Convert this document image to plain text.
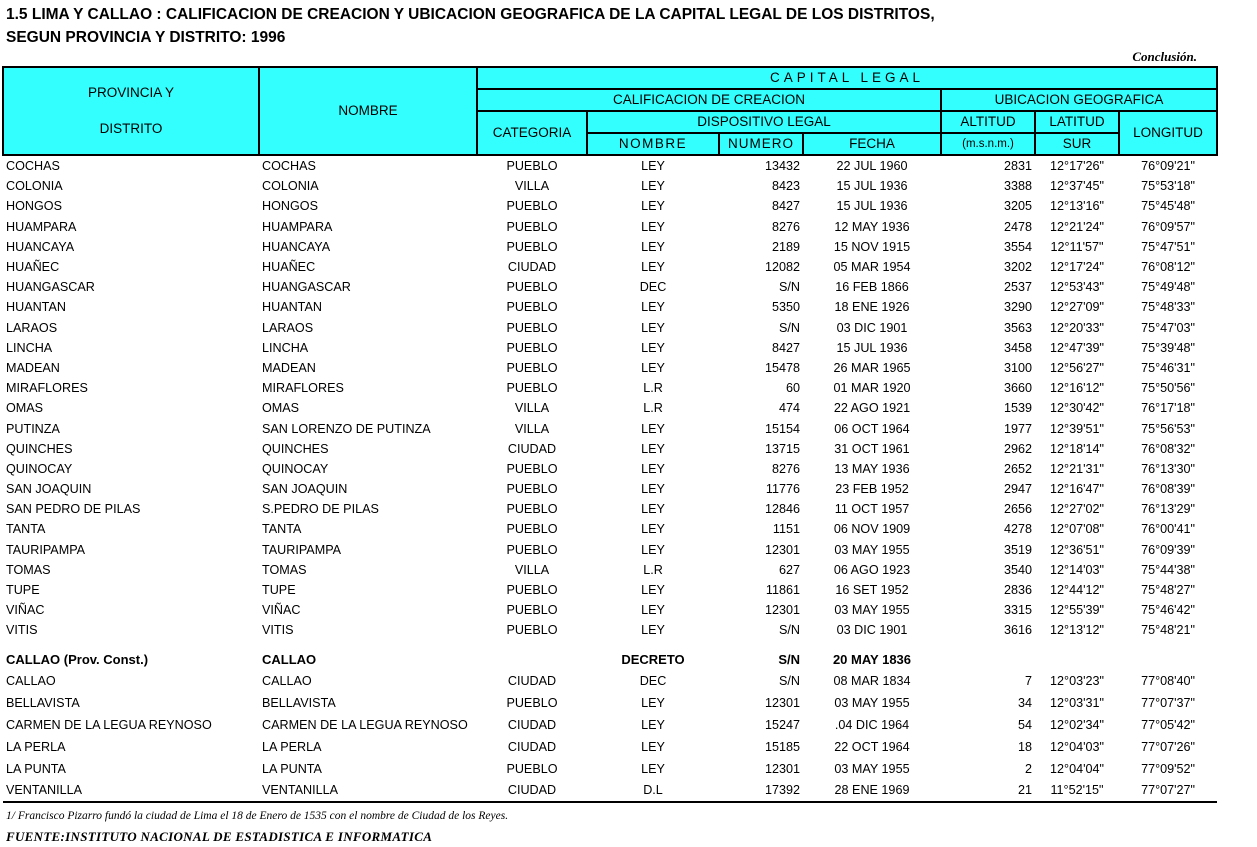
1.5 LIMA Y CALLAO : CALIFICACION DE CREACION Y UBICACION GEOGRAFICA DE LA CAPITAL LEGAL DE LOS DISTRITOS,
SEGUN PROVINCIA Y DISTRITO: 1996
Conclusión.
PROVINCIA Y

DISTRITO	NOMBRE	CAPITAL LEGAL						
		CALIFICACION DE CREACION				UBICACION GEOGRAFICA		
		CATEGORIA	DISPOSITIVO LEGAL			ALTITUD	LATITUD	LONGITUD
			NOMBRE	NUMERO	FECHA	(m.s.n.m.)	SUR	
COCHAS	COCHAS	PUEBLO	LEY	13432	22 JUL 1960	2831	12°17'26"	76°09'21"
COLONIA	COLONIA	VILLA	LEY	8423	15 JUL 1936	3388	12°37'45"	75°53'18"
HONGOS	HONGOS	PUEBLO	LEY	8427	15 JUL 1936	3205	12°13'16"	75°45'48"
HUAMPARA	HUAMPARA	PUEBLO	LEY	8276	12 MAY 1936	2478	12°21'24"	76°09'57"
HUANCAYA	HUANCAYA	PUEBLO	LEY	2189	15 NOV 1915	3554	12°11'57"	75°47'51"
HUAÑEC	HUAÑEC	CIUDAD	LEY	12082	05 MAR 1954	3202	12°17'24"	76°08'12"
HUANGASCAR	HUANGASCAR	PUEBLO	DEC	S/N	16 FEB 1866	2537	12°53'43"	75°49'48"
HUANTAN	HUANTAN	PUEBLO	LEY	5350	18 ENE 1926	3290	12°27'09"	75°48'33"
LARAOS	LARAOS	PUEBLO	LEY	S/N	03 DIC 1901	3563	12°20'33"	75°47'03"
LINCHA	LINCHA	PUEBLO	LEY	8427	15 JUL 1936	3458	12°47'39"	75°39'48"
MADEAN	MADEAN	PUEBLO	LEY	15478	26 MAR 1965	3100	12°56'27"	75°46'31"
MIRAFLORES	MIRAFLORES	PUEBLO	L.R	60	01 MAR 1920	3660	12°16'12"	75°50'56"
OMAS	OMAS	VILLA	L.R	474	22 AGO 1921	1539	12°30'42"	76°17'18"
PUTINZA	SAN LORENZO DE PUTINZA	VILLA	LEY	15154	06 OCT 1964	1977	12°39'51"	75°56'53"
QUINCHES	QUINCHES	CIUDAD	LEY	13715	31 OCT 1961	2962	12°18'14"	76°08'32"
QUINOCAY	QUINOCAY	PUEBLO	LEY	8276	13 MAY 1936	2652	12°21'31"	76°13'30"
SAN JOAQUIN	SAN JOAQUIN	PUEBLO	LEY	11776	23 FEB 1952	2947	12°16'47"	76°08'39"
SAN PEDRO DE PILAS	S.PEDRO DE PILAS	PUEBLO	LEY	12846	11 OCT 1957	2656	12°27'02"	76°13'29"
TANTA	TANTA	PUEBLO	LEY	1151	06 NOV 1909	4278	12°07'08"	76°00'41"
TAURIPAMPA	TAURIPAMPA	PUEBLO	LEY	12301	03 MAY 1955	3519	12°36'51"	76°09'39"
TOMAS	TOMAS	VILLA	L.R	627	06 AGO 1923	3540	12°14'03"	75°44'38"
TUPE	TUPE	PUEBLO	LEY	11861	16 SET 1952	2836	12°44'12"	75°48'27"
VIÑAC	VIÑAC	PUEBLO	LEY	12301	03 MAY 1955	3315	12°55'39"	75°46'42"
VITIS	VITIS	PUEBLO	LEY	S/N	03 DIC 1901	3616	12°13'12"	75°48'21"

CALLAO (Prov. Const.)	CALLAO		DECRETO	S/N	20 MAY 1836			
CALLAO	CALLAO	CIUDAD	DEC	S/N	08 MAR 1834	7	12°03'23"	77°08'40"
BELLAVISTA	BELLAVISTA	PUEBLO	LEY	12301	03 MAY 1955	34	12°03'31"	77°07'37"
CARMEN DE LA LEGUA REYNOSO	CARMEN DE LA LEGUA REYNOSO	CIUDAD	LEY	15247	.04 DIC 1964	54	12°02'34"	77°05'42"
LA PERLA	LA PERLA	CIUDAD	LEY	15185	22 OCT 1964	18	12°04'03"	77°07'26"
LA PUNTA	LA PUNTA	PUEBLO	LEY	12301	03 MAY 1955	2	12°04'04"	77°09'52"
VENTANILLA	VENTANILLA	CIUDAD	D.L	17392	28 ENE 1969	21	11°52'15"	77°07'27"
1/ Francisco Pizarro fundó la ciudad de Lima el 18 de Enero de 1535 con el nombre de Ciudad de los Reyes.
FUENTE:INSTITUTO NACIONAL DE ESTADISTICA E INFORMATICA
